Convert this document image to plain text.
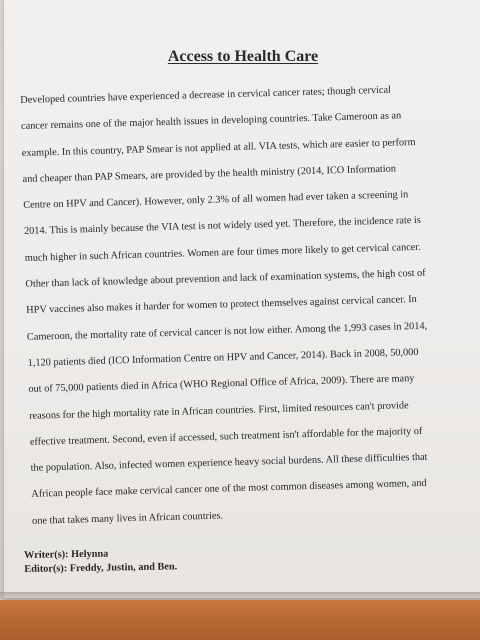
Access to Health Care
Developed countries have experienced a decrease in cervical cancer rates; though cervical
cancer remains one of the major health issues in developing countries. Take Cameroon as an
example. In this country, PAP Smear is not applied at all. VIA tests, which are easier to perform
and cheaper than PAP Smears, are provided by the health ministry (2014, ICO Information
Centre on HPV and Cancer). However, only 2.3% of all women had ever taken a screening in
2014. This is mainly because the VIA test is not widely used yet. Therefore, the incidence rate is
much higher in such African countries. Women are four times more likely to get cervical cancer.
Other than lack of knowledge about prevention and lack of examination systems, the high cost of
HPV vaccines also makes it harder for women to protect themselves against cervical cancer. In
Cameroon, the mortality rate of cervical cancer is not low either. Among the 1,993 cases in 2014,
1,120 patients died (ICO Information Centre on HPV and Cancer, 2014). Back in 2008, 50,000
out of 75,000 patients died in Africa (WHO Regional Office of Africa, 2009). There are many
reasons for the high mortality rate in African countries. First, limited resources can't provide
effective treatment. Second, even if accessed, such treatment isn't affordable for the majority of
the population. Also, infected women experience heavy social burdens. All these difficulties that
African people face make cervical cancer one of the most common diseases among women, and
one that takes many lives in African countries.
Writer(s): Helynna
Editor(s): Freddy, Justin, and Ben.
